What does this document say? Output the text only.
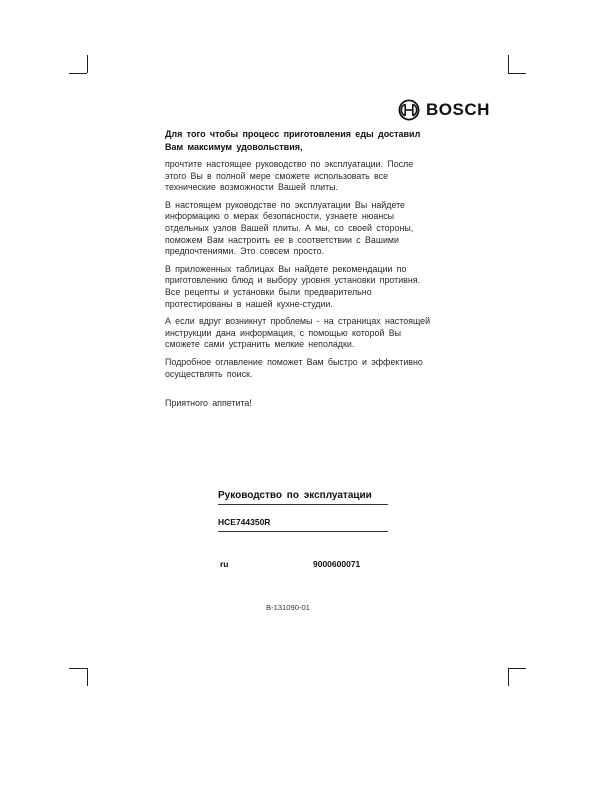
BOSCH

Для того чтобы процесс приготовления еды доставил Вам максимум удовольствия,

прочтите настоящее руководство по эксплуатации. После этого Вы в полной мере сможете использовать все технические возможности Вашей плиты.

В настоящем руководстве по эксплуатации Вы найдете информацию о мерах безопасности, узнаете нюансы отдельных узлов Вашей плиты. А мы, со своей стороны, поможем Вам настроить ее в соответствии с Вашими предпочтениями. Это совсем просто.

В приложенных таблицах Вы найдете рекомендации по приготовлению блюд и выбору уровня установки противня. Все рецепты и установки были предварительно протестированы в нашей кухне-студии.

А если вдруг возникнут проблемы - на страницах настоящей инструкции дана информация, с помощью которой Вы сможете сами устранить мелкие неполадки.

Подробное оглавление поможет Вам быстро и эффективно осуществлять поиск.

Приятного аппетита!

Руководство по эксплуатации
HCE744350R
ru	9000600071
B-131090-01
